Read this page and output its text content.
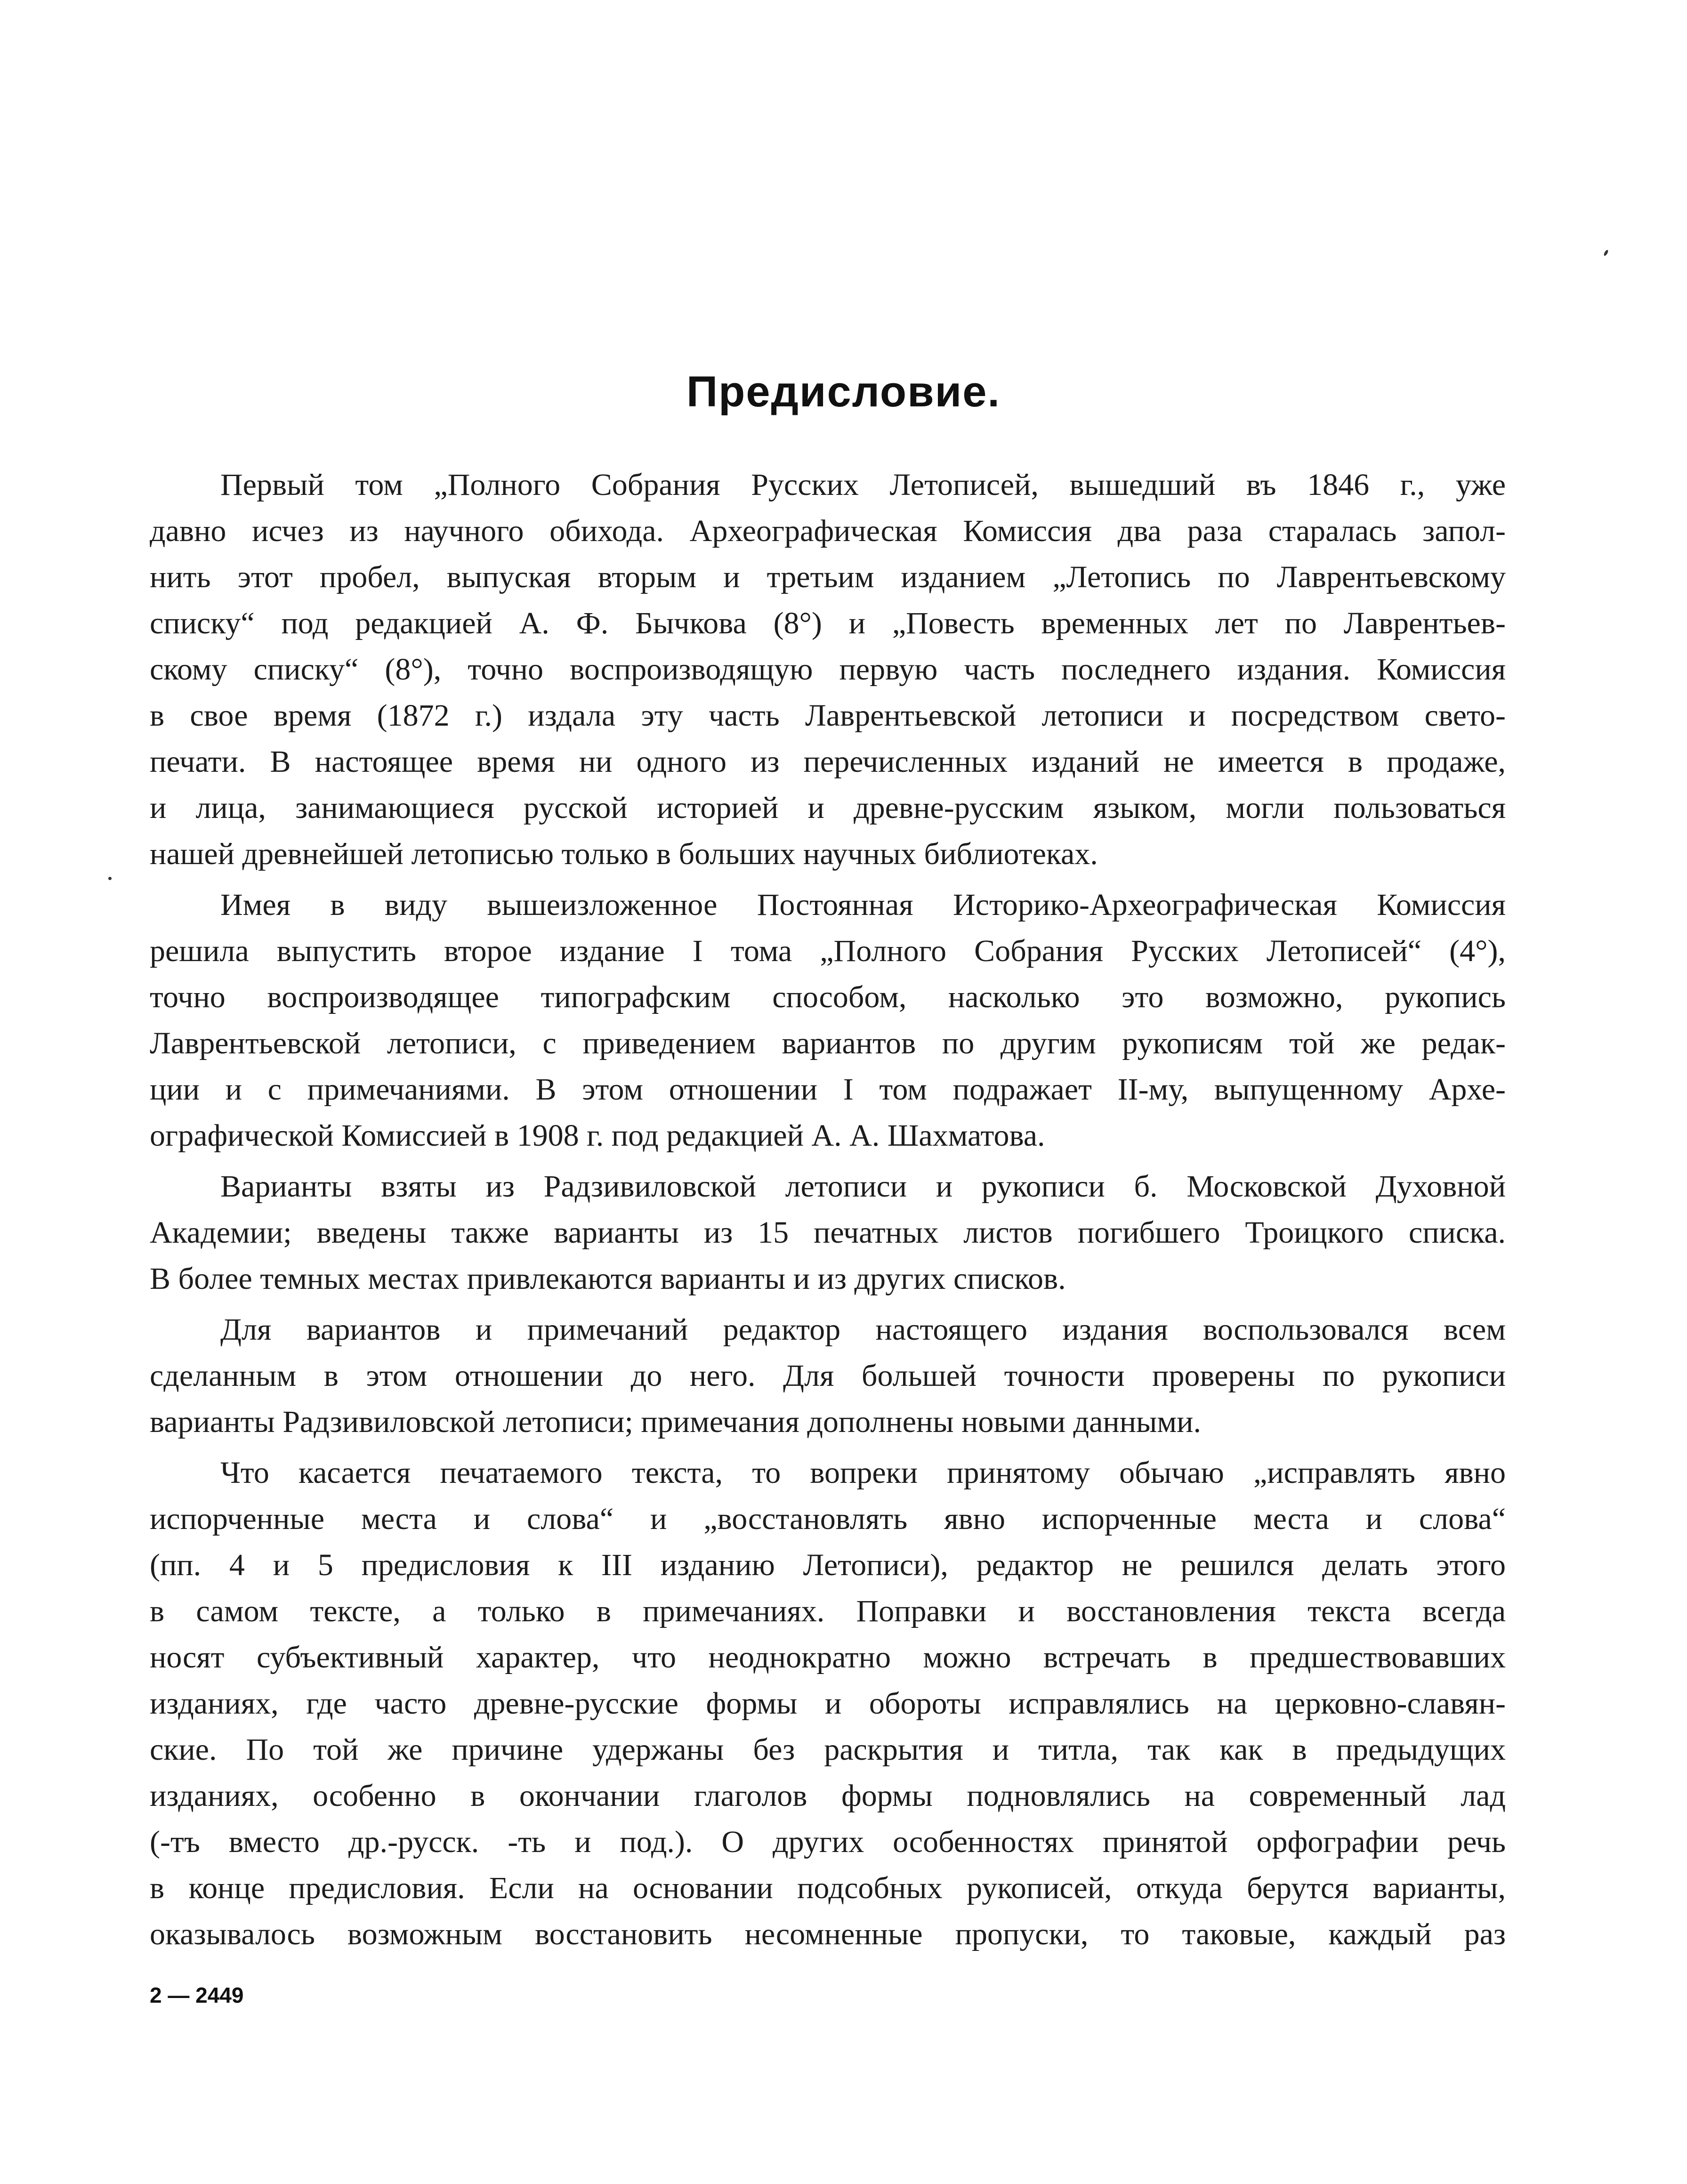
Предисловие.
Первый том „Полного Собрания Русских Летописей, вышедший въ 1846 г., уже
давно исчез из научного обихода. Археографическая Комиссия два раза старалась запол-
нить этот пробел, выпуская вторым и третьим изданием „Летопись по Лаврентьевскому
списку“ под редакцией А. Ф. Бычкова (8°) и „Повесть временных лет по Лаврентьев-
скому списку“ (8°), точно воспроизводящую первую часть последнего издания. Комиссия
в свое время (1872 г.) издала эту часть Лаврентьевской летописи и посредством свето-
печати. В настоящее время ни одного из перечисленных изданий не имеется в продаже,
и лица, занимающиеся русской историей и древне-русским языком, могли пользоваться
нашей древнейшей летописью только в больших научных библиотеках.
Имея в виду вышеизложенное Постоянная Историко-Археографическая Комиссия
решила выпустить второе издание I тома „Полного Собрания Русских Летописей“ (4°),
точно воспроизводящее типографским способом, насколько это возможно, рукопись
Лаврентьевской летописи, с приведением вариантов по другим рукописям той же редак-
ции и с примечаниями. В этом отношении I том подражает II-му, выпущенному Архе-
ографической Комиссией в 1908 г. под редакцией А. А. Шахматова.
Варианты взяты из Радзивиловской летописи и рукописи б. Московской Духовной
Академии; введены также варианты из 15 печатных листов погибшего Троицкого списка.
В более темных местах привлекаются варианты и из других списков.
Для вариантов и примечаний редактор настоящего издания воспользовался всем
сделанным в этом отношении до него. Для большей точности проверены по рукописи
варианты Радзивиловской летописи; примечания дополнены новыми данными.
Что касается печатаемого текста, то вопреки принятому обычаю „исправлять явно
испорченные места и слова“ и „восстановлять явно испорченные места и слова“
(пп. 4 и 5 предисловия к III изданию Летописи), редактор не решился делать этого
в самом тексте, а только в примечаниях. Поправки и восстановления текста всегда
носят субъективный характер, что неоднократно можно встречать в предшествовавших
изданиях, где часто древне-русские формы и обороты исправлялись на церковно-славян-
ские. По той же причине удержаны без раскрытия и титла, так как в предыдущих
изданиях, особенно в окончании глаголов формы подновлялись на современный лад
(-тъ вместо др.-русск. -ть и под.). О других особенностях принятой орфографии речь
в конце предисловия. Если на основании подсобных рукописей, откуда берутся варианты,
оказывалось возможным восстановить несомненные пропуски, то таковые, каждый раз
2 — 2449
